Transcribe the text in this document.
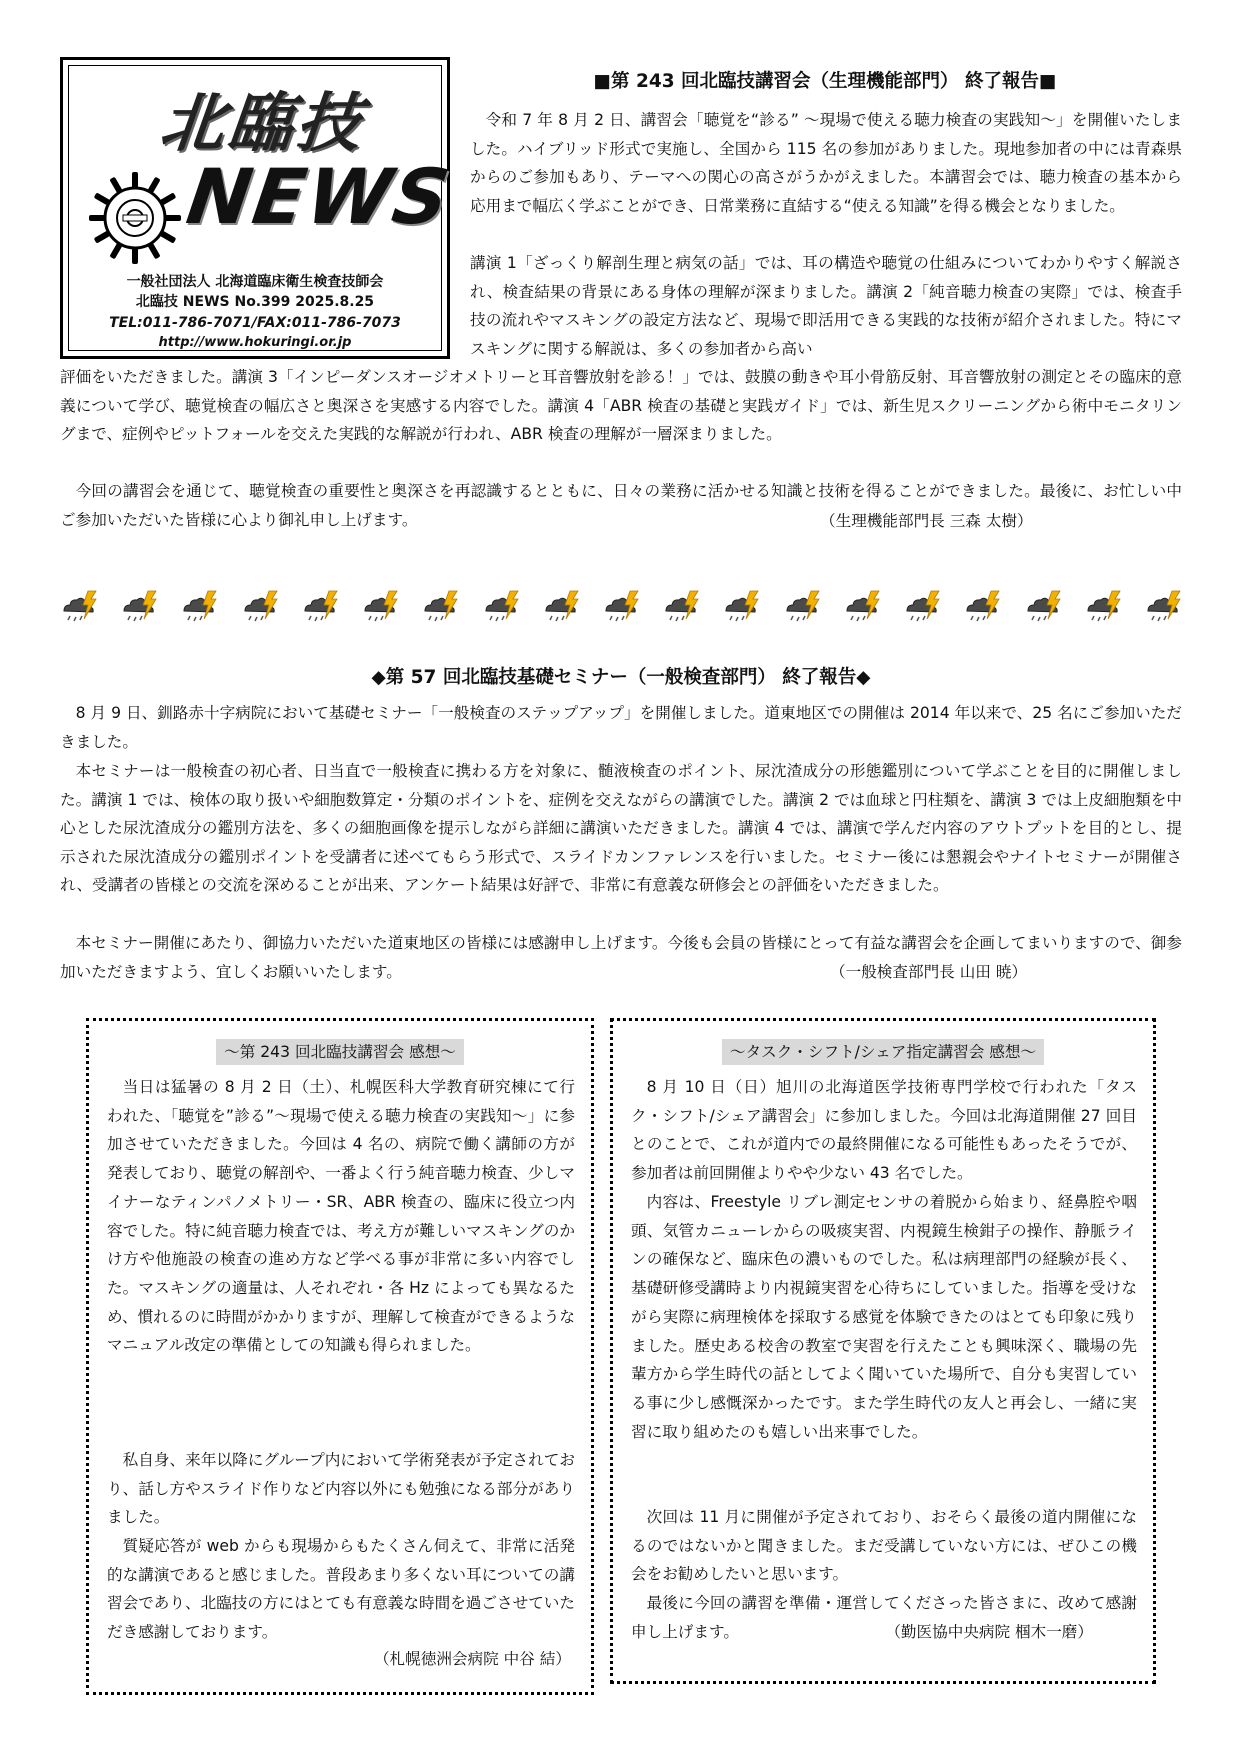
北臨技
NEWS
一般社団法人 北海道臨床衛生検査技師会
北臨技 NEWS No.399 2025.8.25
TEL:011-786-7071/FAX:011-786-7073
http://www.hokuringi.or.jp
■第 243 回北臨技講習会（生理機能部門） 終了報告■

令和 7 年 8 月 2 日、講習会「聴覚を“診る” ～現場で使える聴力検査の実践知～」を開催いたしました。ハイブリッド形式で実施し、全国から 115 名の参加がありました。現地参加者の中には青森県からのご参加もあり、テーマへの関心の高さがうかがえました。本講習会では、聴力検査の基本から応用まで幅広く学ぶことができ、日常業務に直結する“使える知識”を得る機会となりました。

講演 1「ざっくり解剖生理と病気の話」では、耳の構造や聴覚の仕組みについてわかりやすく解説され、検査結果の背景にある身体の理解が深まりました。講演 2「純音聴力検査の実際」では、検査手技の流れやマスキングの設定方法など、現場で即活用できる実践的な技術が紹介されました。特にマスキングに関する解説は、多くの参加者から高い

評価をいただきました。講演 3「インピーダンスオージオメトリーと耳音響放射を診る！」では、鼓膜の動きや耳小骨筋反射、耳音響放射の測定とその臨床的意義について学び、聴覚検査の幅広さと奥深さを実感する内容でした。講演 4「ABR 検査の基礎と実践ガイド」では、新生児スクリーニングから術中モニタリングまで、症例やピットフォールを交えた実践的な解説が行われ、ABR 検査の理解が一層深まりました。

今回の講習会を通じて、聴覚検査の重要性と奥深さを再認識するとともに、日々の業務に活かせる知識と技術を得ることができました。最後に、お忙しい中ご参加いただいた皆様に心より御礼申し上げます。	（生理機能部門長 三森 太樹）
◆第 57 回北臨技基礎セミナー（一般検査部門） 終了報告◆

8 月 9 日、釧路赤十字病院において基礎セミナー「一般検査のステップアップ」を開催しました。道東地区での開催は 2014 年以来で、25 名にご参加いただきました。

本セミナーは一般検査の初心者、日当直で一般検査に携わる方を対象に、髄液検査のポイント、尿沈渣成分の形態鑑別について学ぶことを目的に開催しました。講演 1 では、検体の取り扱いや細胞数算定・分類のポイントを、症例を交えながらの講演でした。講演 2 では血球と円柱類を、講演 3 では上皮細胞類を中心とした尿沈渣成分の鑑別方法を、多くの細胞画像を提示しながら詳細に講演いただきました。講演 4 では、講演で学んだ内容のアウトプットを目的とし、提示された尿沈渣成分の鑑別ポイントを受講者に述べてもらう形式で、スライドカンファレンスを行いました。セミナー後には懇親会やナイトセミナーが開催され、受講者の皆様との交流を深めることが出来、アンケート結果は好評で、非常に有意義な研修会との評価をいただきました。

本セミナー開催にあたり、御協力いただいた道東地区の皆様には感謝申し上げます。今後も会員の皆様にとって有益な講習会を企画してまいりますので、御参加いただきますよう、宜しくお願いいたします。	（一般検査部門長 山田 暁）
～第 243 回北臨技講習会 感想～

当日は猛暑の 8 月 2 日（土）、札幌医科大学教育研究棟にて行われた、「聴覚を”診る”～現場で使える聴力検査の実践知～」に参加させていただきました。今回は 4 名の、病院で働く講師の方が発表しており、聴覚の解剖や、一番よく行う純音聴力検査、少しマイナーなティンパノメトリー・SR、ABR 検査の、臨床に役立つ内容でした。特に純音聴力検査では、考え方が難しいマスキングのかけ方や他施設の検査の進め方など学べる事が非常に多い内容でした。マスキングの適量は、人それぞれ・各 Hz によっても異なるため、慣れるのに時間がかかりますが、理解して検査ができるようなマニュアル改定の準備としての知識も得られました。

私自身、来年以降にグループ内において学術発表が予定されており、話し方やスライド作りなど内容以外にも勉強になる部分がありました。

質疑応答が web からも現場からもたくさん伺えて、非常に活発的な講演であると感じました。普段あまり多くない耳についての講習会であり、北臨技の方にはとても有意義な時間を過ごさせていただき感謝しております。

（札幌徳洲会病院 中谷 結）
～タスク・シフト/シェア指定講習会 感想～

8 月 10 日（日）旭川の北海道医学技術専門学校で行われた「タスク・シフト/シェア講習会」に参加しました。今回は北海道開催 27 回目とのことで、これが道内での最終開催になる可能性もあったそうでが、参加者は前回開催よりやや少ない 43 名でした。

内容は、Freestyle リブレ測定センサの着脱から始まり、経鼻腔や咽頭、気管カニューレからの吸痰実習、内視鏡生検鉗子の操作、静脈ラインの確保など、臨床色の濃いものでした。私は病理部門の経験が長く、基礎研修受講時より内視鏡実習を心待ちにしていました。指導を受けながら実際に病理検体を採取する感覚を体験できたのはとても印象に残りました。歴史ある校舎の教室で実習を行えたことも興味深く、職場の先輩方から学生時代の話としてよく聞いていた場所で、自分も実習している事に少し感慨深かったです。また学生時代の友人と再会し、一緒に実習に取り組めたのも嬉しい出来事でした。

次回は 11 月に開催が予定されており、おそらく最後の道内開催になるのではないかと聞きました。まだ受講していない方には、ぜひこの機会をお勧めしたいと思います。

最後に今回の講習を準備・運営してくださった皆さまに、改めて感謝申し上げます。	（勤医協中央病院 椢木一磨）
